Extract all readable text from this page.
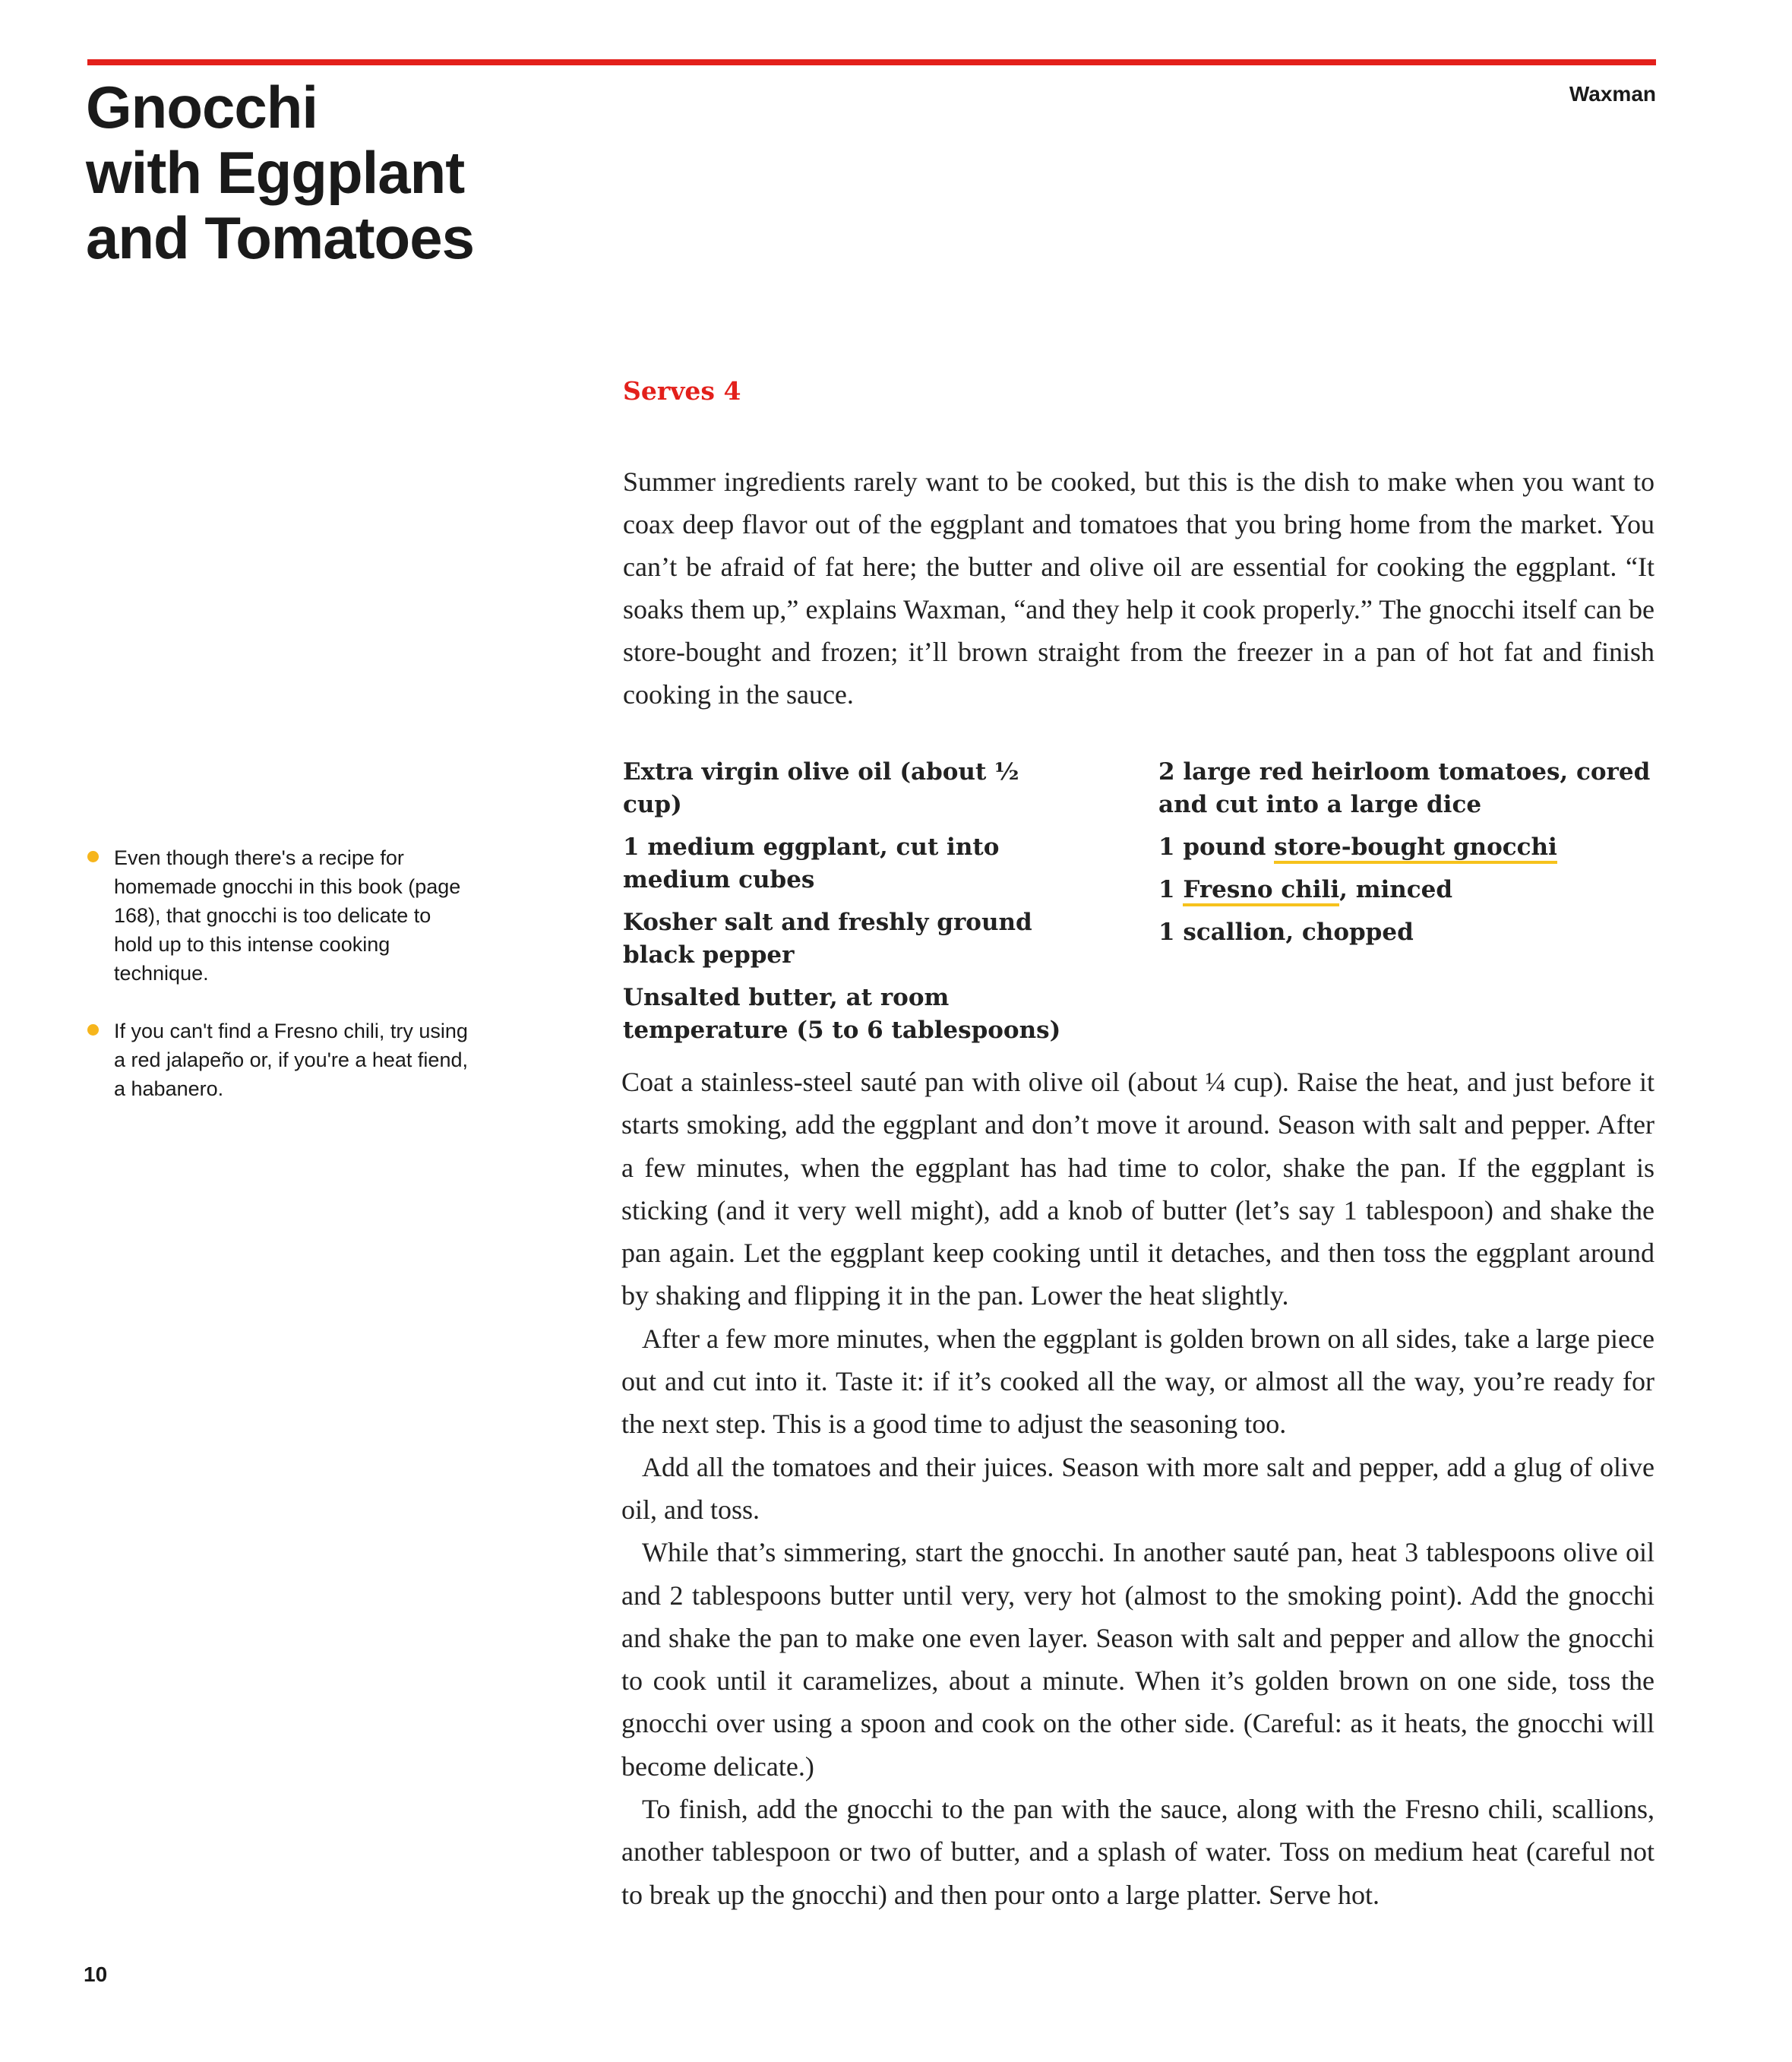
Gnocchi
with Eggplant
and Tomatoes
Waxman
Serves 4

Summer ingredients rarely want to be cooked, but this is the dish to make when you want to coax deep flavor out of the eggplant and tomatoes that you bring home from the market. You can’t be afraid of fat here; the butter and olive oil are essential for cooking the eggplant. “It soaks them up,” explains Waxman, “and they help it cook properly.” The gnocchi itself can be store-bought and frozen; it’ll brown straight from the freezer in a pan of hot fat and finish cooking in the sauce.

Extra virgin olive oil (about ½ cup)
1 medium eggplant, cut into medium cubes
Kosher salt and freshly ground black pepper
Unsalted butter, at room temperature (5 to 6 tablespoons)
2 large red heirloom tomatoes, cored and cut into a large dice
1 pound store-bought gnocchi
1 Fresno chili, minced
1 scallion, chopped

Coat a stainless-steel sauté pan with olive oil (about ¼ cup). Raise the heat, and just before it starts smoking, add the eggplant and don’t move it around. Season with salt and pepper. After a few minutes, when the eggplant has had time to color, shake the pan. If the eggplant is sticking (and it very well might), add a knob of butter (let’s say 1 tablespoon) and shake the pan again. Let the eggplant keep cooking until it detaches, and then toss the eggplant around by shaking and flipping it in the pan. Lower the heat slightly.

After a few more minutes, when the eggplant is golden brown on all sides, take a large piece out and cut into it. Taste it: if it’s cooked all the way, or almost all the way, you’re ready for the next step. This is a good time to adjust the seasoning too.

Add all the tomatoes and their juices. Season with more salt and pepper, add a glug of olive oil, and toss.

While that’s simmering, start the gnocchi. In another sauté pan, heat 3 tablespoons olive oil and 2 tablespoons butter until very, very hot (almost to the smoking point). Add the gnocchi and shake the pan to make one even layer. Season with salt and pepper and allow the gnocchi to cook until it caramelizes, about a minute. When it’s golden brown on one side, toss the gnocchi over using a spoon and cook on the other side. (Careful: as it heats, the gnocchi will become delicate.)

To finish, add the gnocchi to the pan with the sauce, along with the Fresno chili, scallions, another tablespoon or two of butter, and a splash of water. Toss on medium heat (careful not to break up the gnocchi) and then pour onto a large platter. Serve hot.

Even though there's a recipe for homemade gnocchi in this book (page 168), that gnocchi is too delicate to hold up to this intense cooking technique.
If you can't find a Fresno chili, try using a red jalapeño or, if you're a heat fiend, a habanero.
10
